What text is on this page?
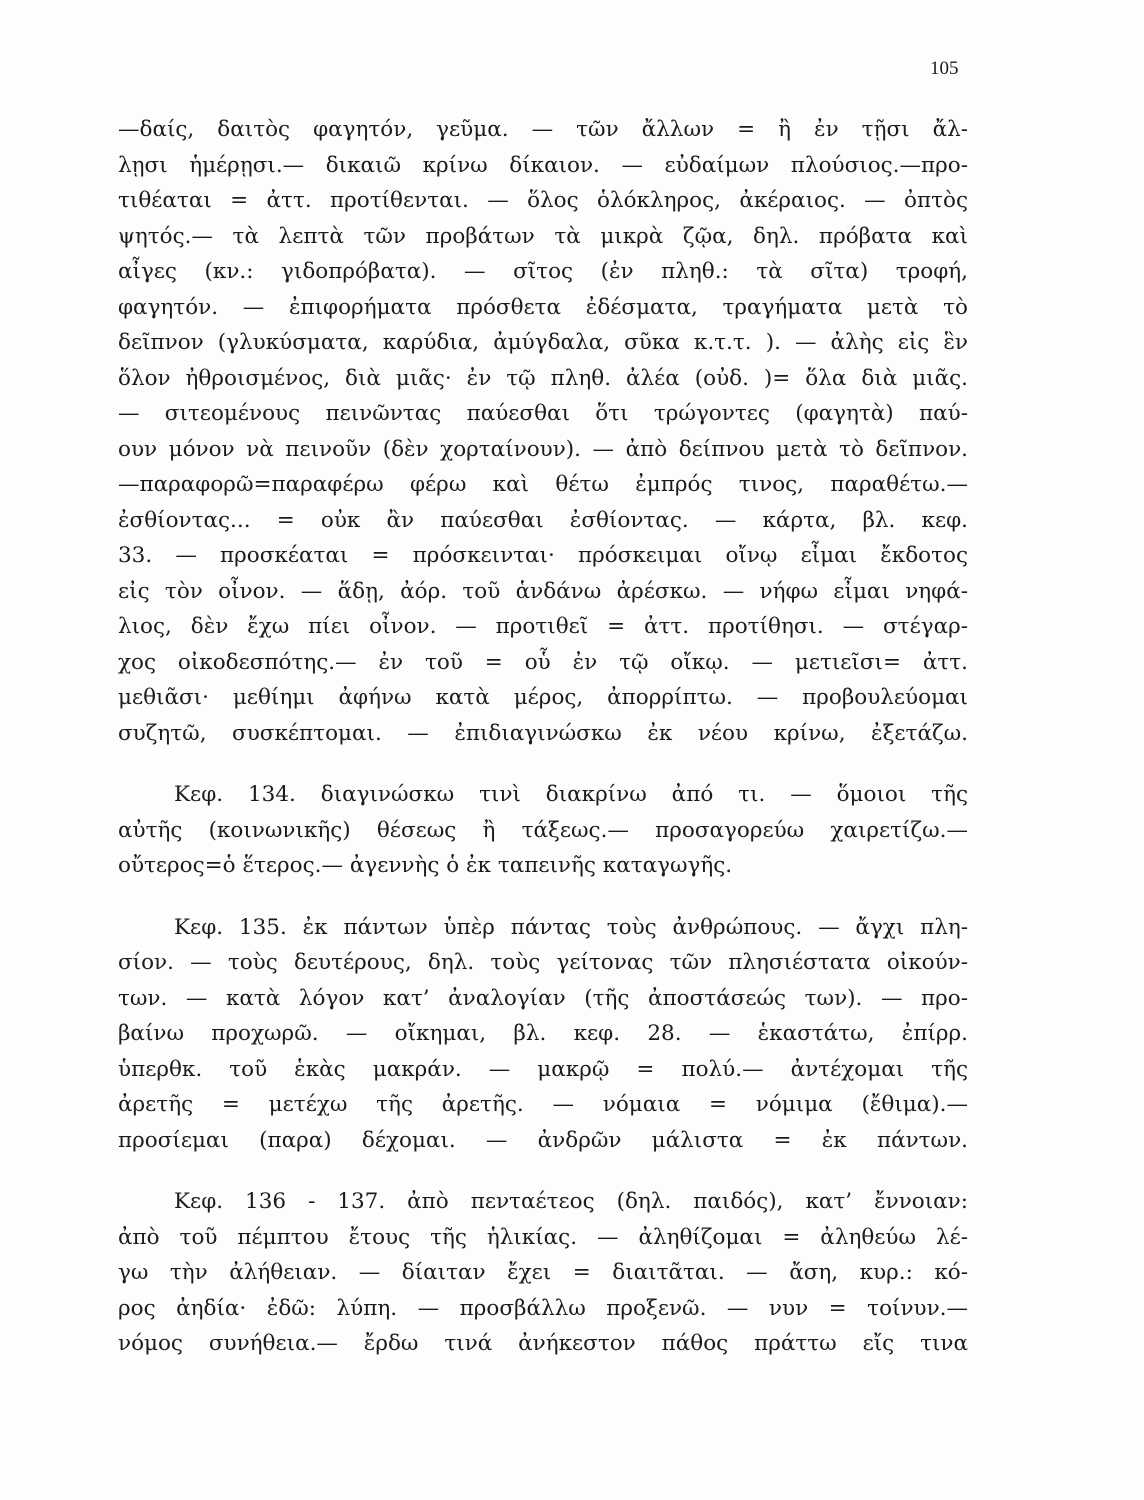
105
—δαίς, δαιτὸς φαγητόν, γεῦμα. — τῶν ἄλλων = ἢ ἐν τῇσι ἄλ-
λῃσι ἡμέρῃσι.— δικαιῶ κρίνω δίκαιον. — εὐδαίμων πλούσιος.—προ-
τιθέαται = ἀττ. προτίθενται. — ὅλος ὁλόκληρος, ἀκέραιος. — ὀπτὸς
ψητός.— τὰ λεπτὰ τῶν προβάτων τὰ μικρὰ ζῷα, δηλ. πρόβατα καὶ
αἶγες (κν.: γιδοπρόβατα). — σῖτος (ἐν πληθ.: τὰ σῖτα) τροφή,
φαγητόν. — ἐπιφορήματα πρόσθετα ἐδέσματα, τραγήματα μετὰ τὸ
δεῖπνον (γλυκύσματα, καρύδια, ἀμύγδαλα, σῦκα κ.τ.τ. ). — ἀλὴς εἰς ἓν
ὅλον ἠθροισμένος, διὰ μιᾶς· ἐν τῷ πληθ. ἀλέα (οὐδ. )= ὅλα διὰ μιᾶς.
— σιτεομένους πεινῶντας παύεσθαι ὅτι τρώγοντες (φαγητὰ) παύ-
ουν μόνον νὰ πεινοῦν (δὲν χορταίνουν). — ἀπὸ δείπνου μετὰ τὸ δεῖπνον.
—παραφορῶ=παραφέρω φέρω καὶ θέτω ἐμπρός τινος, παραθέτω.—
ἐσθίοντας... = οὐκ ἂν παύεσθαι ἐσθίοντας. — κάρτα, βλ. κεφ.
33. — προσκέαται = πρόσκεινται· πρόσκειμαι οἴνῳ εἶμαι ἔκδοτος
εἰς τὸν οἶνον. — ἅδῃ, ἀόρ. τοῦ ἁνδάνω ἀρέσκω. — νήφω εἶμαι νηφά-
λιος, δὲν ἔχω πίει οἶνον. — προτιθεῖ = ἀττ. προτίθησι. — στέγαρ-
χος οἰκοδεσπότης.— ἐν τοῦ = οὗ ἐν τῷ οἴκῳ. — μετιεῖσι= ἀττ.
μεθιᾶσι· μεθίημι ἀφήνω κατὰ μέρος, ἀπορρίπτω. — προβουλεύομαι
συζητῶ, συσκέπτομαι. — ἐπιδιαγινώσκω ἐκ νέου κρίνω, ἐξετάζω.
Κεφ. 134. διαγινώσκω τινὶ διακρίνω ἀπό τι. — ὅμοιοι τῆς
αὐτῆς (κοινωνικῆς) θέσεως ἢ τάξεως.— προσαγορεύω χαιρετίζω.—
οὔτερος=ὁ ἕτερος.— ἀγεννὴς ὁ ἐκ ταπεινῆς καταγωγῆς.
Κεφ. 135. ἐκ πάντων ὑπὲρ πάντας τοὺς ἀνθρώπους. — ἄγχι πλη-
σίον. — τοὺς δευτέρους, δηλ. τοὺς γείτονας τῶν πλησιέστατα οἰκούν-
των. — κατὰ λόγον κατ’ ἀναλογίαν (τῆς ἀποστάσεώς των). — προ-
βαίνω προχωρῶ. — οἴκημαι, βλ. κεφ. 28. — ἑκαστάτω, ἐπίρρ.
ὑπερθκ. τοῦ ἑκὰς μακράν. — μακρῷ = πολύ.— ἀντέχομαι τῆς
ἀρετῆς = μετέχω τῆς ἀρετῆς. — νόμαια = νόμιμα (ἔθιμα).—
προσίεμαι (παρα) δέχομαι. — ἀνδρῶν μάλιστα = ἐκ πάντων.
Κεφ. 136 - 137. ἀπὸ πενταέτεος (δηλ. παιδός), κατ’ ἔννοιαν:
ἀπὸ τοῦ πέμπτου ἔτους τῆς ἡλικίας. — ἀληθίζομαι = ἀληθεύω λέ-
γω τὴν ἀλήθειαν. — δίαιταν ἔχει = διαιτᾶται. — ἄση, κυρ.: κό-
ρος ἀηδία· ἐδῶ: λύπη. — προσβάλλω προξενῶ. — νυν = τοίνυν.—
νόμος συνήθεια.— ἔρδω τινά ἀνήκεστον πάθος πράττω εἴς τινα
